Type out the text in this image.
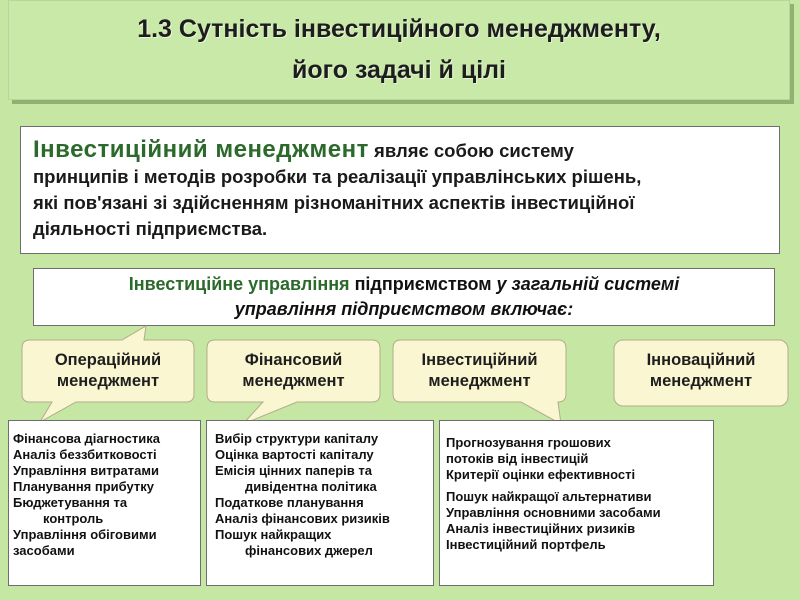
1.3 Сутність інвестиційного менеджменту,
його задачі й цілі
Інвестиційний менеджмент являє собою систему
принципів і методів розробки та реалізації управлінських рішень,
які пов'язані зі здійсненням різноманітних аспектів інвестиційної
діяльності підприємства.
Інвестиційне управління підприємством у загальній системі
управління підприємством включає:
Операційний
менеджмент
Фінансовий
менеджмент
Інвестиційний
менеджмент
Інноваційний
менеджмент
Фінансова діагностика
Аналіз беззбитковості
Управління витратами
Планування прибутку
Бюджетування та
контроль
Управління обіговими
засобами
Вибір структури капіталу
Оцінка вартості капіталу
Емісія цінних паперів та
дивідентна політика
Податкове планування
Аналіз фінансових ризиків
Пошук найкращих
фінансових джерел
Прогнозування грошових
потоків від інвестицій
Критерії оцінки ефективності
Пошук найкращої альтернативи
Управління основними засобами
Аналіз інвестиційних ризиків
Інвестиційний портфель
